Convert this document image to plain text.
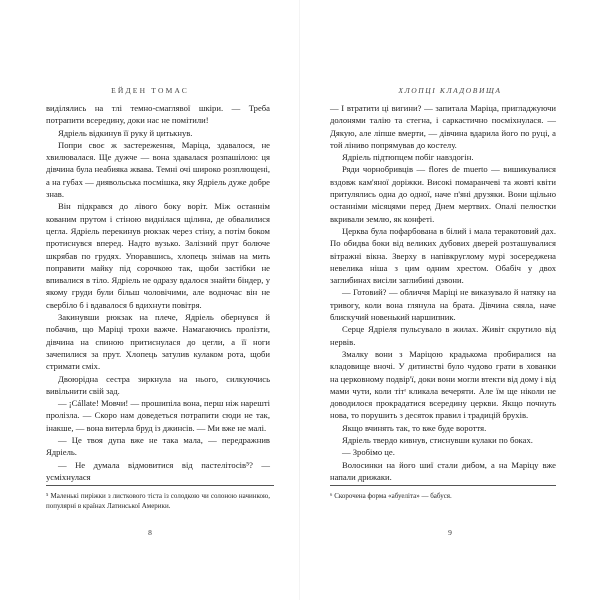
ЕЙДЕН ТОМАС

виділялись на тлі темно-смаглявої шкіри. — Треба потрапити всередину, доки нас не помітили!

Ядріель відкинув її руку й цитькнув.

Попри своє ж застереження, Маріца, здавалося, не хвилювалася. Ще дужче — вона здавалася розпашілою: ця дівчина була неабияка жвава. Темні очі широко розплющені, а на губах — диявольська посмішка, яку Ядріель дуже добре знав.

Він підкрався до лівого боку воріт. Між останнім кованим прутом і стіною виднілася щілина, де обвалилися цегла. Ядріель перекинув рюкзак через стіну, а потім боком протиснувся вперед. Надто вузько. Залізний прут болюче шкрябав по грудях. Упоравшись, хлопець знімав на мить поправити майку під сорочкою так, щоби застібки не впивалися в тіло. Ядріель не одразу вдалося знайти біндер, у якому груди були більш чоловічими, але водночас він не свербіло б і вдавалося б вдихнути повітря.

Закинувши рюкзак на плече, Ядріель обернувся й побачив, що Маріці трохи важче. Намагаючись пролізти, дівчина на спиною притиснулася до цегли, а її ноги зачепилися за прут. Хлопець затулив кулаком рота, щоби стримати сміх.

Двоюрідна сестра зиркнула на нього, силкуючись вивільнити свій зад.

— ¡Cállate! Мовчи! — прошипіла вона, перш ніж нарешті пролізла. — Скоро нам доведеться потрапити сюди не так, інакше, — вона витерла бруд із джинсів. — Ми вже не малі.

— Це твоя дупа вже не така мала, — передражнив Ядріель.

— Не думала відмовитися від пастелітосів⁵? — усміхнулася

⁵ Маленькі пиріжки з листкового тіста із солодкою чи солоною начинкою, популярні в країнах Латинської Америки.
8
ХЛОПЦІ КЛАДОВИЩА

— І втратити ці вигини? — запитала Маріца, пригладжуючи долонями талію та стегна, і саркастично посміхнулася. — Дякую, але ліпше вмерти, — дівчина вдарила його по руці, а той ліниво попрямував до костелу.

Ядріель підтюпцем побіг навздогін.

Ряди чорнобривців — flores de muerto — вишикувалися вздовж кам'яної доріжки. Високі помаранчеві та жовті квіти притулялись одна до одної, наче п'яні друзяки. Вони щільно останніми місяцями перед Днем мертвих. Опалі пелюстки вкривали землю, як конфеті.

Церква була пофарбована в білий і мала теракотовий дах. По обидва боки від великих дубових дверей розташувалися вітражні вікна. Зверху в напівкруглому мурі зосереджена невелика ніша з цим одним хрестом. Обабіч у двох заглибинах висіли заглибині дзвони.

— Готовий? — обличчя Маріці не виказувало й натяку на тривогу, коли вона глянула на брата. Дівчина сяяла, наче блискучий новенький наршипник.

Серце Ядріеля пульсувало в жилах. Живіт скрутило від нервів.

Змалку вони з Маріцою крадькома пробиралися на кладовище вночі. У дитинстві було чудово грати в хованки на церковному подвір'ї, доки вони могли втекти від дому і від мами чути, коли тітᶦ кликала вечеряти. Але їм ще ніколи не доводилося прокрадатися всередину церкви. Якщо почнуть нова, то порушить з десяток правил і традицій брухів.

Якщо вчинять так, то вже буде вороття.

Ядріель твердо кивнув, стиснувши кулаки по боках.

— Зробімо це.

Волосинки на його шиї стали дибом, а на Маріцу вже напали дрижаки.

⁶ Скорочена форма «абуеліта» — бабуся.
9
